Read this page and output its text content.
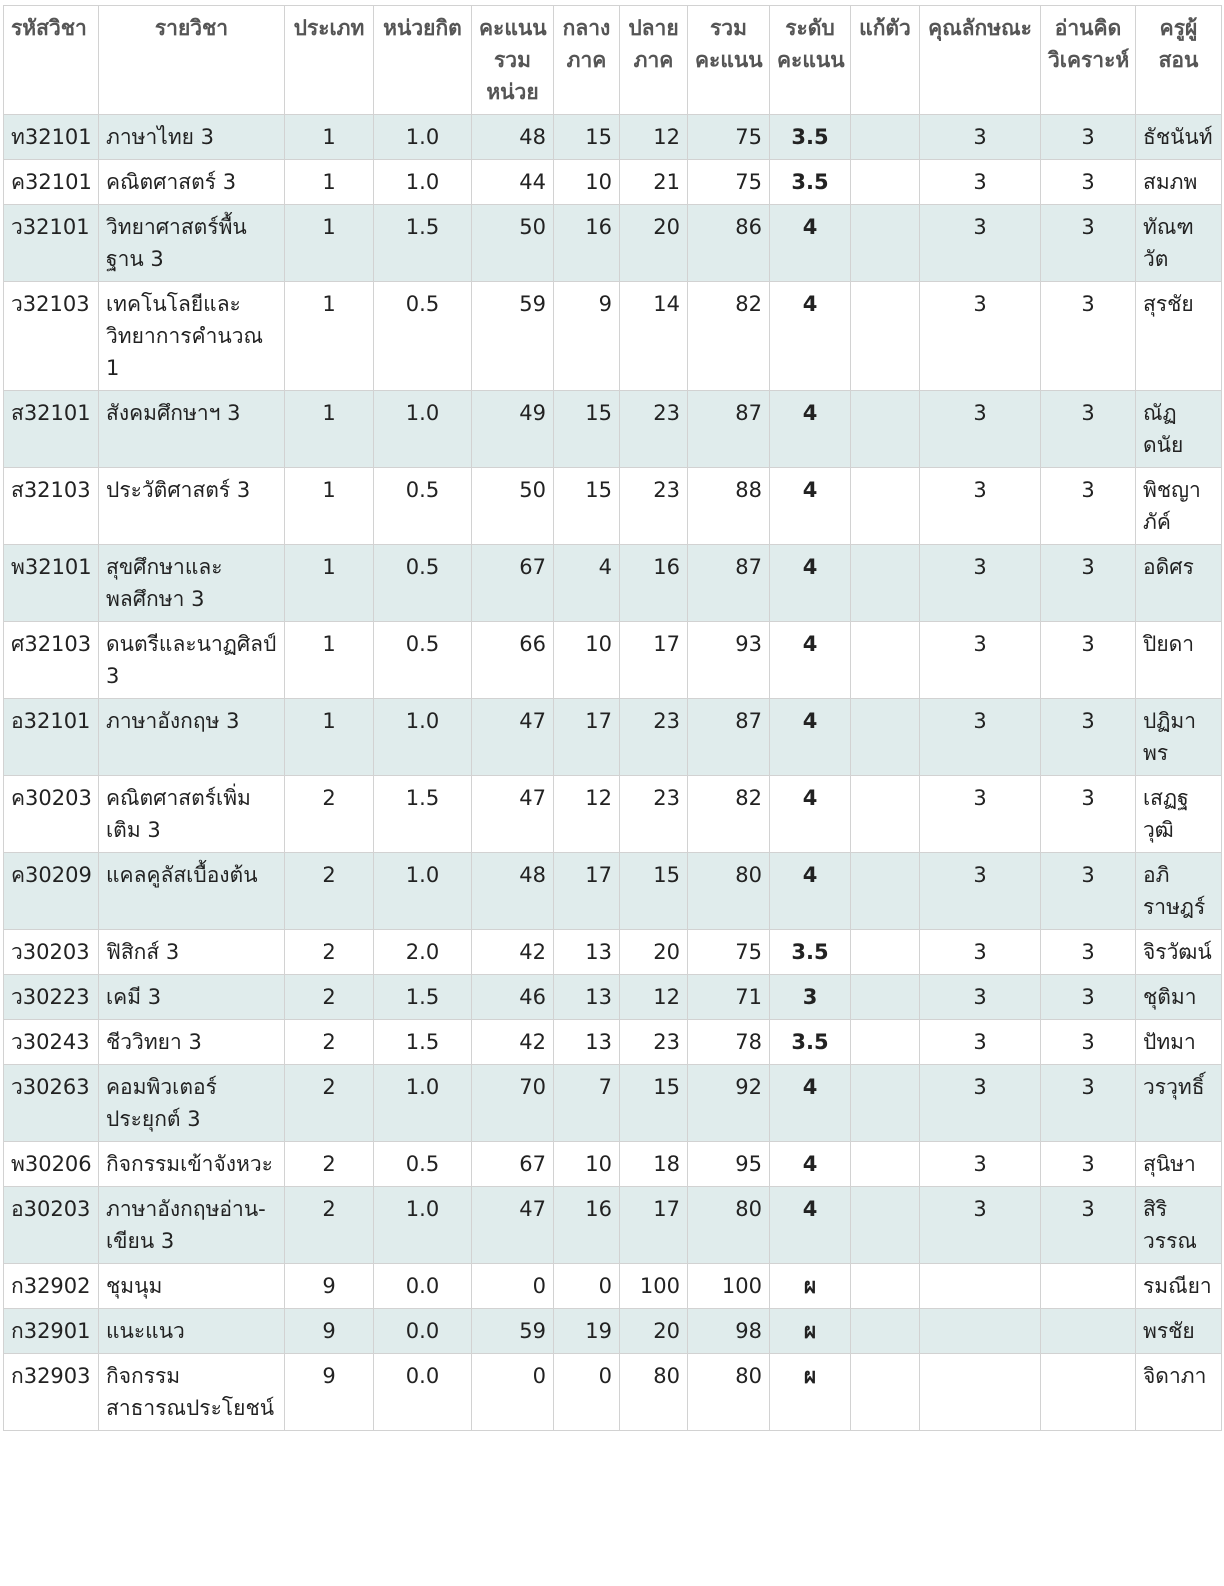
รหัสวิชา	รายวิชา	ประเภท	หน่วยกิต	คะแนนรวมหน่วย	กลางภาค	ปลายภาค	รวมคะแนน	ระดับคะแนน	แก้ตัว	คุณลักษณะ	อ่านคิดวิเคราะห์	ครูผู้สอน
ท32101	ภาษาไทย 3	1	1.0	48	15	12	75	3.5		3	3	ธัชนันท์
ค32101	คณิตศาสตร์ 3	1	1.0	44	10	21	75	3.5		3	3	สมภพ
ว32101	วิทยาศาสตร์พื้นฐาน 3	1	1.5	50	16	20	86	4		3	3	ทัณฑวัต
ว32103	เทคโนโลยีและวิทยาการคำนวณ 1	1	0.5	59	9	14	82	4		3	3	สุรชัย
ส32101	สังคมศึกษาฯ 3	1	1.0	49	15	23	87	4		3	3	ณัฏดนัย
ส32103	ประวัติศาสตร์ 3	1	0.5	50	15	23	88	4		3	3	พิชญาภัค์
พ32101	สุขศึกษาและพลศึกษา 3	1	0.5	67	4	16	87	4		3	3	อดิศร
ศ32103	ดนตรีและนาฏศิลป์ 3	1	0.5	66	10	17	93	4		3	3	ปิยดา
อ32101	ภาษาอังกฤษ 3	1	1.0	47	17	23	87	4		3	3	ปฏิมาพร
ค30203	คณิตศาสตร์เพิ่มเติม 3	2	1.5	47	12	23	82	4		3	3	เสฏฐวุฒิ
ค30209	แคลคูลัสเบื้องต้น	2	1.0	48	17	15	80	4		3	3	อภิราษฎร์
ว30203	ฟิสิกส์ 3	2	2.0	42	13	20	75	3.5		3	3	จิรวัฒน์
ว30223	เคมี 3	2	1.5	46	13	12	71	3		3	3	ชุติมา
ว30243	ชีววิทยา 3	2	1.5	42	13	23	78	3.5		3	3	ปัทมา
ว30263	คอมพิวเตอร์ประยุกต์ 3	2	1.0	70	7	15	92	4		3	3	วรวุทธิ์
พ30206	กิจกรรมเข้าจังหวะ	2	0.5	67	10	18	95	4		3	3	สุนิษา
อ30203	ภาษาอังกฤษอ่าน-เขียน 3	2	1.0	47	16	17	80	4		3	3	สิริวรรณ
ก32902	ชุมนุม	9	0.0	0	0	100	100	ผ				รมณียา
ก32901	แนะแนว	9	0.0	59	19	20	98	ผ				พรชัย
ก32903	กิจกรรมสาธารณประโยชน์	9	0.0	0	0	80	80	ผ				จิดาภา
